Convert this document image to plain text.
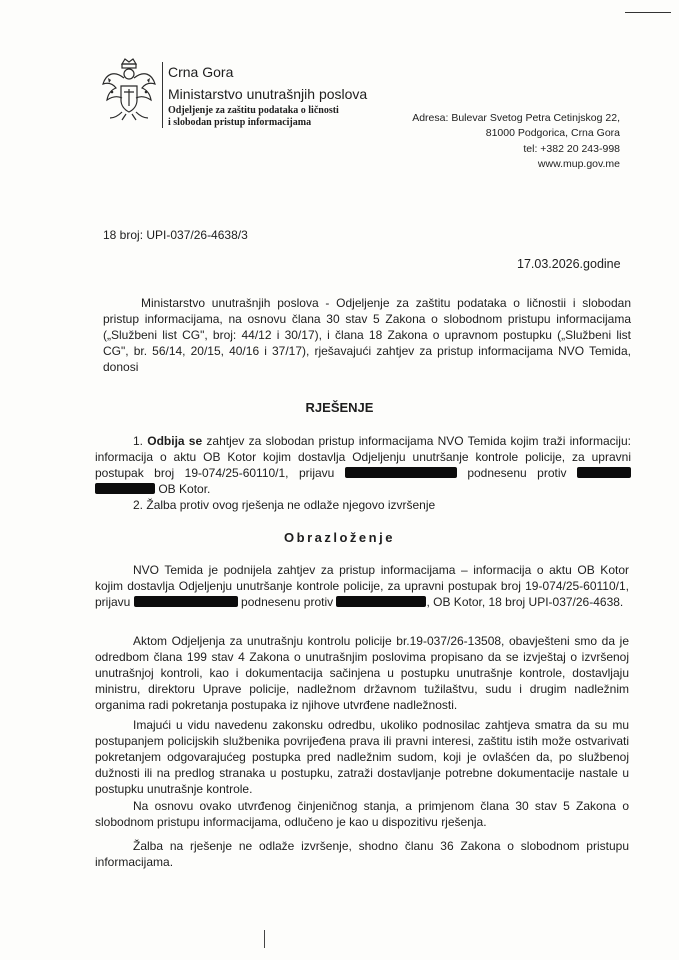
Crna Gora
Ministarstvo unutrašnjih poslova
Odjeljenje za zaštitu podataka o ličnosti
i slobodan pristup informacijama	Adresa: Bulevar Svetog Petra Cetinjskog 22,
81000 Podgorica, Crna Gora
tel: +382 20 243-998
www.mup.gov.me
18 broj: UPI-037/26-4638/3
17.03.2026.godine
Ministarstvo unutrašnjih poslova - Odjeljenje za zaštitu podataka o ličnostii i slobodan pristup informacijama, na osnovu člana 30 stav 5 Zakona o slobodnom pristupu informacijama („Službeni list CG", broj: 44/12 i 30/17), i člana 18 Zakona o upravnom postupku („Službeni list CG", br. 56/14, 20/15, 40/16 i 37/17), rješavajući zahtjev za pristup informacijama NVO Temida, donosi
RJEŠENJE
1. Odbija se zahtjev za slobodan pristup informacijama NVO Temida kojim traži informaciju: informacija o aktu OB Kotor kojim dostavlja Odjeljenju unutršanje kontrole policije, za upravni postupak broj 19-074/25-60110/1, prijavu	podnesenu protiv   OB Kotor.
2. Žalba protiv ovog rješenja ne odlaže njegovo izvršenje
Obrazloženje
NVO Temida je podnijela zahtjev za pristup informacijama – informacija o aktu OB Kotor kojim dostavlja Odjeljenju unutršanje kontrole policije, za upravni postupak broj 19-074/25-60110/1, prijavu	podnesenu protiv	, OB Kotor, 18 broj UPI-037/26-4638.
Aktom Odjeljenja za unutrašnju kontrolu policije br.19-037/26-13508, obavješteni smo da je odredbom člana 199 stav 4 Zakona o unutrašnjim poslovima propisano da se izvještaj o izvršenoj unutrašnjoj kontroli, kao i dokumentacija sačinjena u postupku unutrašnje kontrole, dostavljaju ministru, direktoru Uprave policije, nadležnom državnom tužilaštvu, sudu i drugim nadležnim organima radi pokretanja postupaka iz njihove utvrđene nadležnosti.
Imajući u vidu navedenu zakonsku odredbu, ukoliko podnosilac zahtjeva smatra da su mu postupanjem policijskih službenika povrijeđena prava ili pravni interesi, zaštitu istih može ostvarivati pokretanjem odgovarajućeg postupka pred nadležnim sudom, koji je ovlašćen da, po službenoj dužnosti ili na predlog stranaka u postupku, zatraži dostavljanje potrebne dokumentacije nastale u postupku unutrašnje kontrole.
Na osnovu ovako utvrđenog činjeničnog stanja, a primjenom člana 30 stav 5 Zakona o slobodnom pristupu informacijama, odlučeno je kao u dispozitivu rješenja.
Žalba na rješenje ne odlaže izvršenje, shodno članu 36 Zakona o slobodnom pristupu informacijama.
